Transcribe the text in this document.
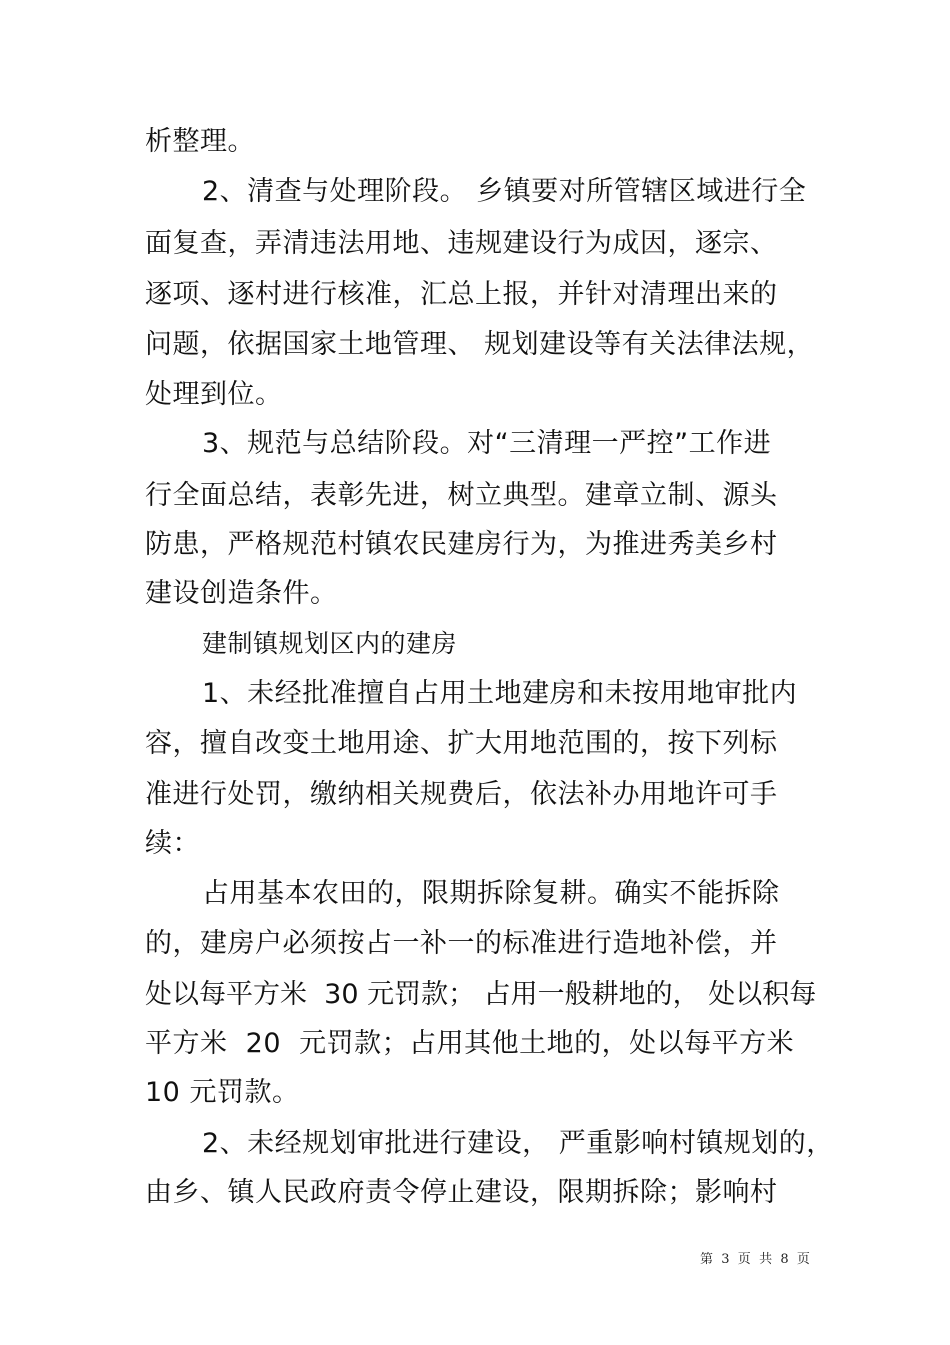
析整理。
2、清查与处理阶段。 乡镇要对所管辖区域进行全
面复查，弄清违法用地、违规建设行为成因，逐宗、
逐项、逐村进行核准，汇总上报，并针对清理出来的
问题，依据国家土地管理、 规划建设等有关法律法规，
处理到位。
3、规范与总结阶段。对“三清理一严控”工作进
行全面总结，表彰先进，树立典型。建章立制、源头
防患，严格规范村镇农民建房行为，为推进秀美乡村
建设创造条件。
建制镇规划区内的建房
1、未经批准擅自占用土地建房和未按用地审批内
容，擅自改变土地用途、扩大用地范围的，按下列标
准进行处罚，缴纳相关规费后，依法补办用地许可手
续：
占用基本农田的，限期拆除复耕。确实不能拆除
的，建房户必须按占一补一的标准进行造地补偿，并
处以每平方米  30 元罚款； 占用一般耕地的， 处以积每
平方米  20  元罚款；占用其他土地的，处以每平方米
10 元罚款。
2、未经规划审批进行建设， 严重影响村镇规划的，
由乡、镇人民政府责令停止建设，限期拆除；影响村
第  3  页  共  8  页
